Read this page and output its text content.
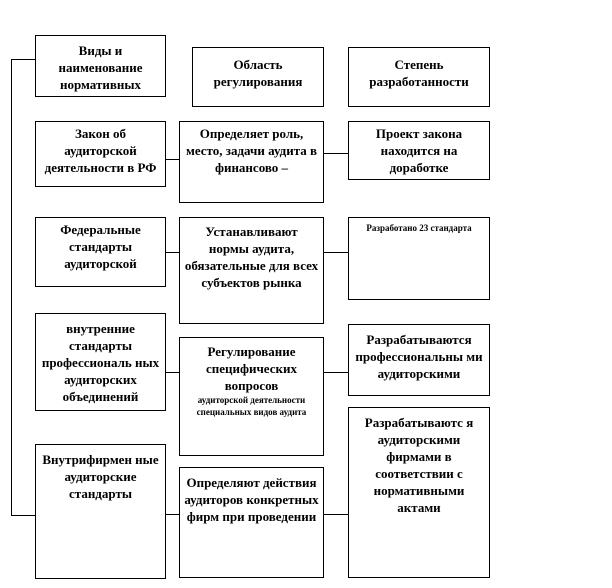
Виды и наименование нормативных
Область регулирования
Степень разработанности
Закон об аудиторской деятельности в РФ
Определяет роль, место, задачи аудита в финансово –
Проект закона находится на доработке
Федеральные стандарты аудиторской
Устанавливают нормы аудита, обязательные для всех субъектов рынка
Разработано 23 стандарта
внутренние стандарты профессиональ ных аудиторских объединений
Регулирование специфических вопросов
аудиторской деятельности специальных видов аудита
Разрабатываются профессиональны ми аудиторскими
Внутрифирмен ные аудиторские стандарты
Определяют действия аудиторов конкретных фирм при проведении
Разрабатываютс я аудиторскими фирмами в соответствии с нормативными актами
